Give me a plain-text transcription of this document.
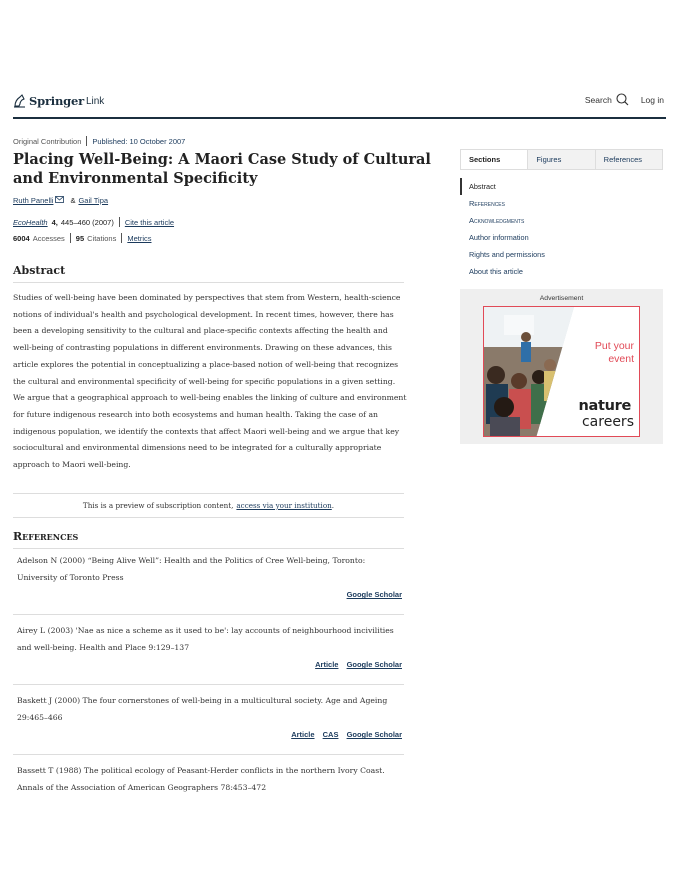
Springer Link	Search	Log in
Original Contribution Published: 10 October 2007
Placing Well-Being: A Maori Case Study of Cultural and Environmental Specificity
Ruth Panelli & Gail Tipa
EcoHealth 4, 445–460 (2007) Cite this article
6004 Accesses 95 Citations Metrics
Abstract

Studies of well-being have been dominated by perspectives that stem from Western, health-science notions of individual's health and psychological development. In recent times, however, there has been a developing sensitivity to the cultural and place-specific contexts affecting the health and well-being of contrasting populations in different environments. Drawing on these advances, this article explores the potential in conceptualizing a place-based notion of well-being that recognizes the cultural and environmental specificity of well-being for specific populations in a given setting. We argue that a geographical approach to well-being enables the linking of culture and environment for future indigenous research into both ecosystems and human health. Taking the case of an indigenous population, we identify the contexts that affect Maori well-being and we argue that key sociocultural and environmental dimensions need to be integrated for a culturally appropriate approach to Maori well-being.

This is a preview of subscription content, access via your institution .
References

Adelson N (2000) “Being Alive Well”: Health and the Politics of Cree Well-being, Toronto: University of Toronto Press

Google Scholar

Airey L (2003) 'Nae as nice a scheme as it used to be': lay accounts of neighbourhood incivilities and well-being. Health and Place 9:129–137

Article Google Scholar

Baskett J (2000) The four cornerstones of well-being in a multicultural society. Age and Ageing 29:465–466

Article CAS Google Scholar

Bassett T (1988) The political ecology of Peasant-Herder conflicts in the northern Ivory Coast. Annals of the Association of American Geographers 78:453–472

Sections	Figures	References
Abstract
References
Acknowledgments
Author information
Rights and permissions
About this article
Advertisement
Put your
event
nature
careers
